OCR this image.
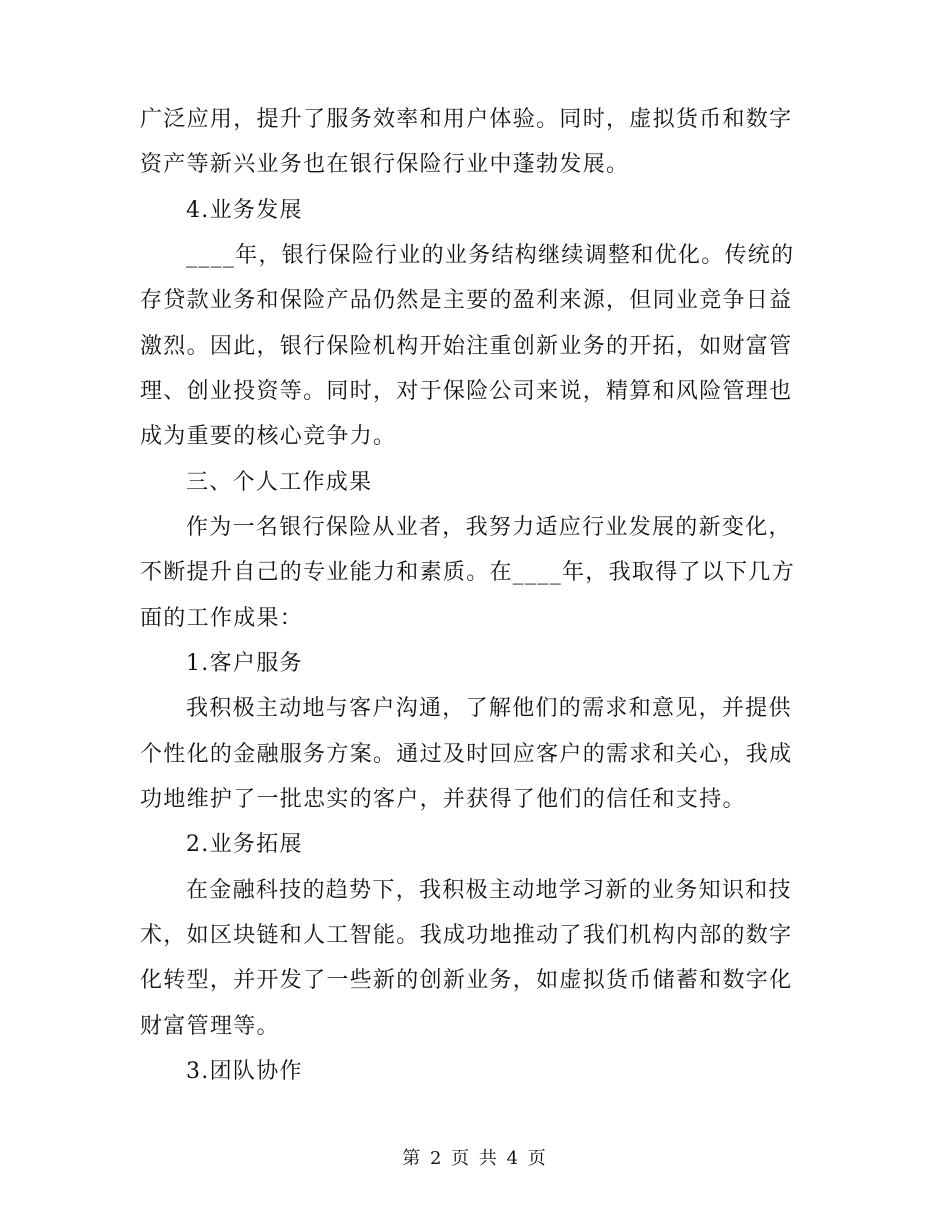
广泛应用，提升了服务效率和用户体验。同时，虚拟货币和数字
资产等新兴业务也在银行保险行业中蓬勃发展。
4.业务发展
____年，银行保险行业的业务结构继续调整和优化。传统的
存贷款业务和保险产品仍然是主要的盈利来源，但同业竞争日益
激烈。因此，银行保险机构开始注重创新业务的开拓，如财富管
理、创业投资等。同时，对于保险公司来说，精算和风险管理也
成为重要的核心竞争力。
三、个人工作成果
作为一名银行保险从业者，我努力适应行业发展的新变化，
不断提升自己的专业能力和素质。在____年，我取得了以下几方
面的工作成果：
1.客户服务
我积极主动地与客户沟通，了解他们的需求和意见，并提供
个性化的金融服务方案。通过及时回应客户的需求和关心，我成
功地维护了一批忠实的客户，并获得了他们的信任和支持。
2.业务拓展
在金融科技的趋势下，我积极主动地学习新的业务知识和技
术，如区块链和人工智能。我成功地推动了我们机构内部的数字
化转型，并开发了一些新的创新业务，如虚拟货币储蓄和数字化
财富管理等。
3.团队协作
第 2 页 共 4 页
